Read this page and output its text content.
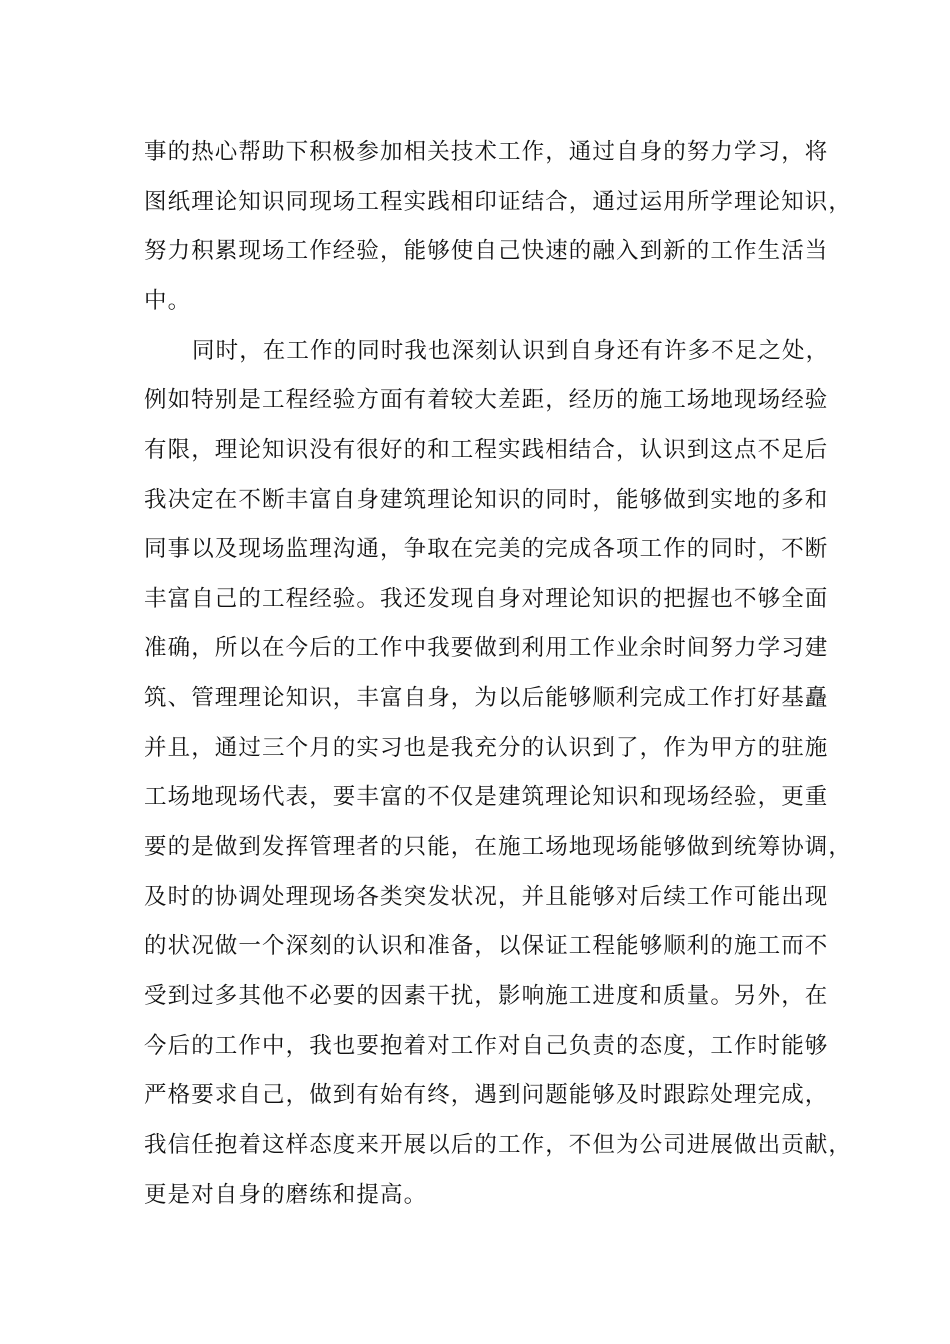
事的热心帮助下积极参加相关技术工作，通过自身的努力学习，将
图纸理论知识同现场工程实践相印证结合，通过运用所学理论知识，
努力积累现场工作经验，能够使自己快速的融入到新的工作生活当
中。
同时，在工作的同时我也深刻认识到自身还有许多不足之处，
例如特别是工程经验方面有着较大差距，经历的施工场地现场经验
有限，理论知识没有很好的和工程实践相结合，认识到这点不足后
我决定在不断丰富自身建筑理论知识的同时，能够做到实地的多和
同事以及现场监理沟通，争取在完美的完成各项工作的同时，不断
丰富自己的工程经验。我还发现自身对理论知识的把握也不够全面
准确，所以在今后的工作中我要做到利用工作业余时间努力学习建
筑、管理理论知识，丰富自身，为以后能够顺利完成工作打好基矗
并且，通过三个月的实习也是我充分的认识到了，作为甲方的驻施
工场地现场代表，要丰富的不仅是建筑理论知识和现场经验，更重
要的是做到发挥管理者的只能，在施工场地现场能够做到统筹协调，
及时的协调处理现场各类突发状况，并且能够对后续工作可能出现
的状况做一个深刻的认识和准备，以保证工程能够顺利的施工而不
受到过多其他不必要的因素干扰，影响施工进度和质量。另外，在
今后的工作中，我也要抱着对工作对自己负责的态度，工作时能够
严格要求自己，做到有始有终，遇到问题能够及时跟踪处理完成，
我信任抱着这样态度来开展以后的工作，不但为公司进展做出贡献，
更是对自身的磨练和提高。
